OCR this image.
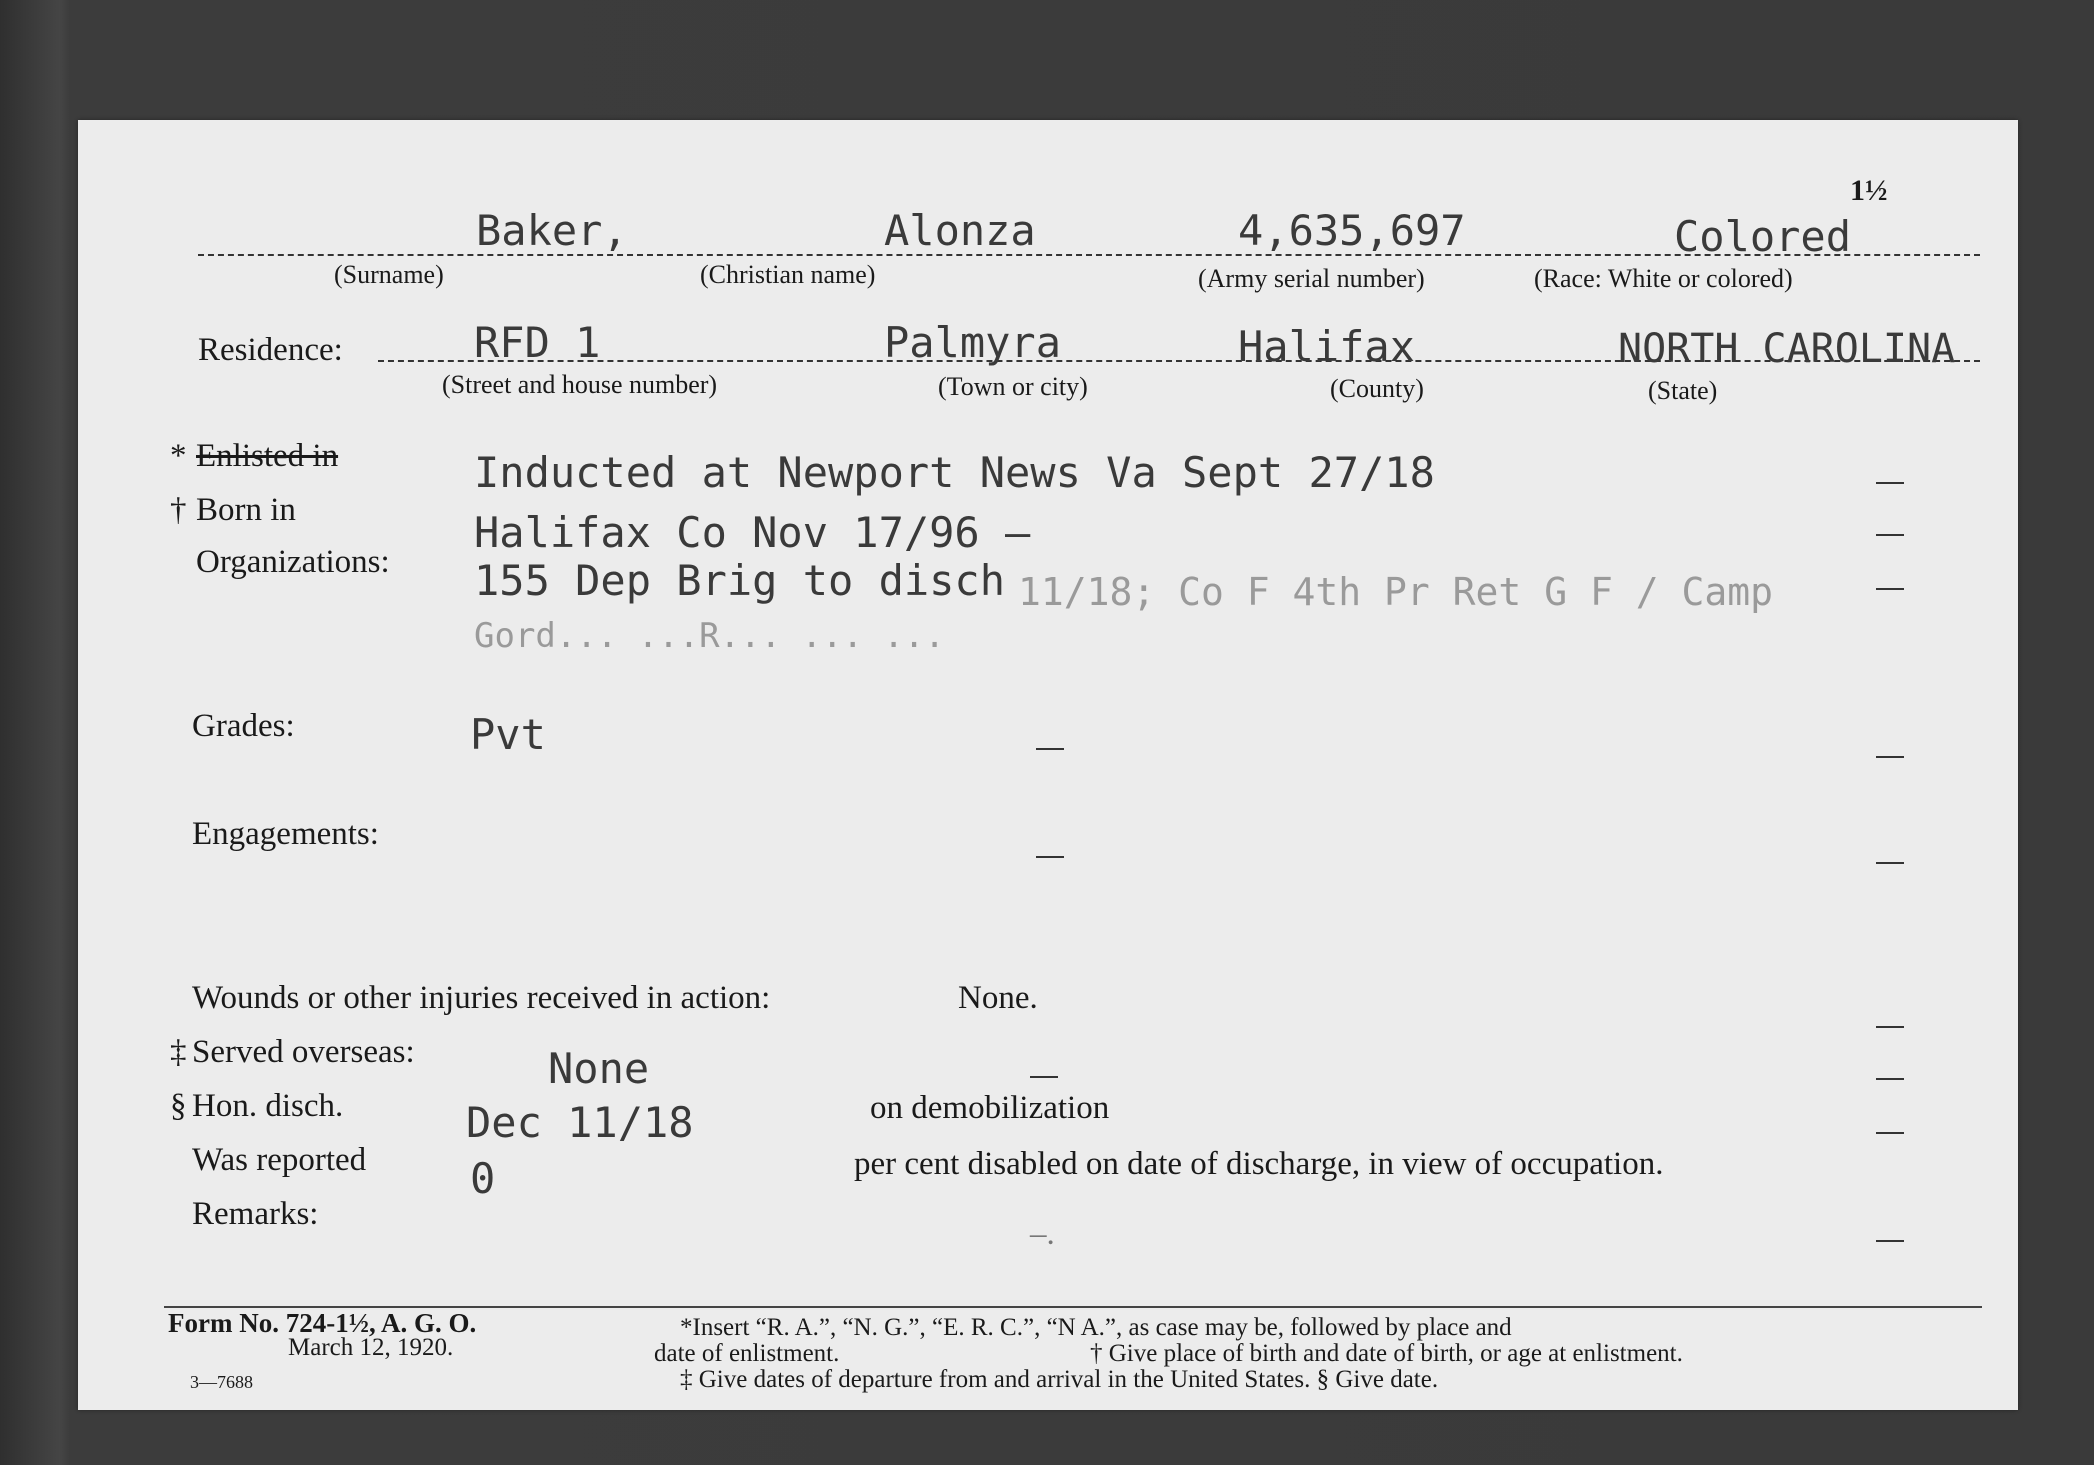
1½
Baker,	Alonza	4,635,697	Colored
(Surname)	(Christian name)	(Army serial number)	(Race: White or colored)
Residence:	RFD 1	Palmyra	Halifax	NORTH CAROLINA
(Street and house number)	(Town or city)	(County)	(State)
* Enlisted in	Inducted at Newport News Va Sept 27/18
† Born in	Halifax Co Nov 17/96 –
Organizations: 155 Dep Brig to disch 11/18; Co F 4th Pr Ret G F / Camp
Gord... ...R... ... ...
Grades:	Pvt
Engagements:
Wounds or other injuries received in action:	None.
‡ Served overseas:	None
§ Hon. disch.	Dec 11/18	on demobilization
Was reported 0	per cent disabled on date of discharge, in view of occupation.
Remarks:
–.
Form No. 724-1½, A. G. O.
March 12, 1920.
3—7688
*Insert “R. A.”, “N. G.”, “E. R. C.”, “N A.”, as case may be, followed by place and
date of enlistment.	† Give place of birth and date of birth, or age at enlistment.
‡ Give dates of departure from and arrival in the United States. § Give date.
